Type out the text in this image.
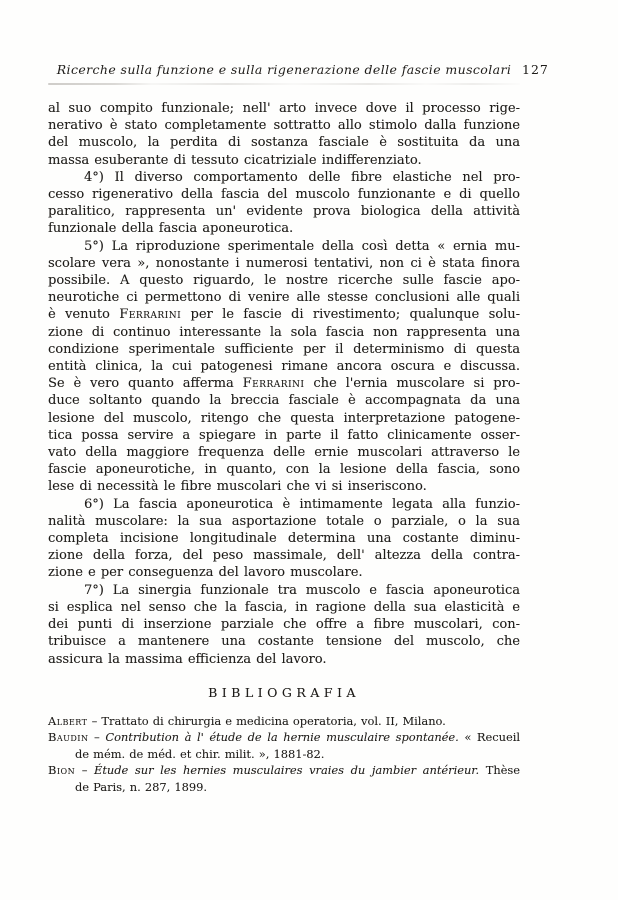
Ricerche sulla funzione e sulla rigenerazione delle fascie muscolari 127
al suo compito funzionale; nell' arto invece dove il processo rige-
nerativo è stato completamente sottratto allo stimolo dalla funzione
del muscolo, la perdita di sostanza fasciale è sostituita da una
massa esuberante di tessuto cicatriziale indifferenziato.
4°) Il diverso comportamento delle fibre elastiche nel pro-
cesso rigenerativo della fascia del muscolo funzionante e di quello
paralitico, rappresenta un' evidente prova biologica della attività
funzionale della fascia aponeurotica.
5°) La riproduzione sperimentale della così detta « ernia mu-
scolare vera », nonostante i numerosi tentativi, non ci è stata finora
possibile. A questo riguardo, le nostre ricerche sulle fascie apo-
neurotiche ci permettono di venire alle stesse conclusioni alle quali
è venuto Ferrarini per le fascie di rivestimento; qualunque solu-
zione di continuo interessante la sola fascia non rappresenta una
condizione sperimentale sufficiente per il determinismo di questa
entità clinica, la cui patogenesi rimane ancora oscura e discussa.
Se è vero quanto afferma Ferrarini che l'ernia muscolare si pro-
duce soltanto quando la breccia fasciale è accompagnata da una
lesione del muscolo, ritengo che questa interpretazione patogene-
tica possa servire a spiegare in parte il fatto clinicamente osser-
vato della maggiore frequenza delle ernie muscolari attraverso le
fascie aponeurotiche, in quanto, con la lesione della fascia, sono
lese di necessità le fibre muscolari che vi si inseriscono.
6°) La fascia aponeurotica è intimamente legata alla funzio-
nalità muscolare: la sua asportazione totale o parziale, o la sua
completa incisione longitudinale determina una costante diminu-
zione della forza, del peso massimale, dell' altezza della contra-
zione e per conseguenza del lavoro muscolare.
7°) La sinergia funzionale tra muscolo e fascia aponeurotica
si esplica nel senso che la fascia, in ragione della sua elasticità e
dei punti di inserzione parziale che offre a fibre muscolari, con-
tribuisce a mantenere una costante tensione del muscolo, che
assicura la massima efficienza del lavoro.
BIBLIOGRAFIA
Albert – Trattato di chirurgia e medicina operatoria, vol. II, Milano.
Baudin – Contribution à l' étude de la hernie musculaire spontanée. « Recueil
de mém. de méd. et chir. milit. », 1881-82.
Bion – Étude sur les hernies musculaires vraies du jambier antérieur. Thèse
de Paris, n. 287, 1899.
